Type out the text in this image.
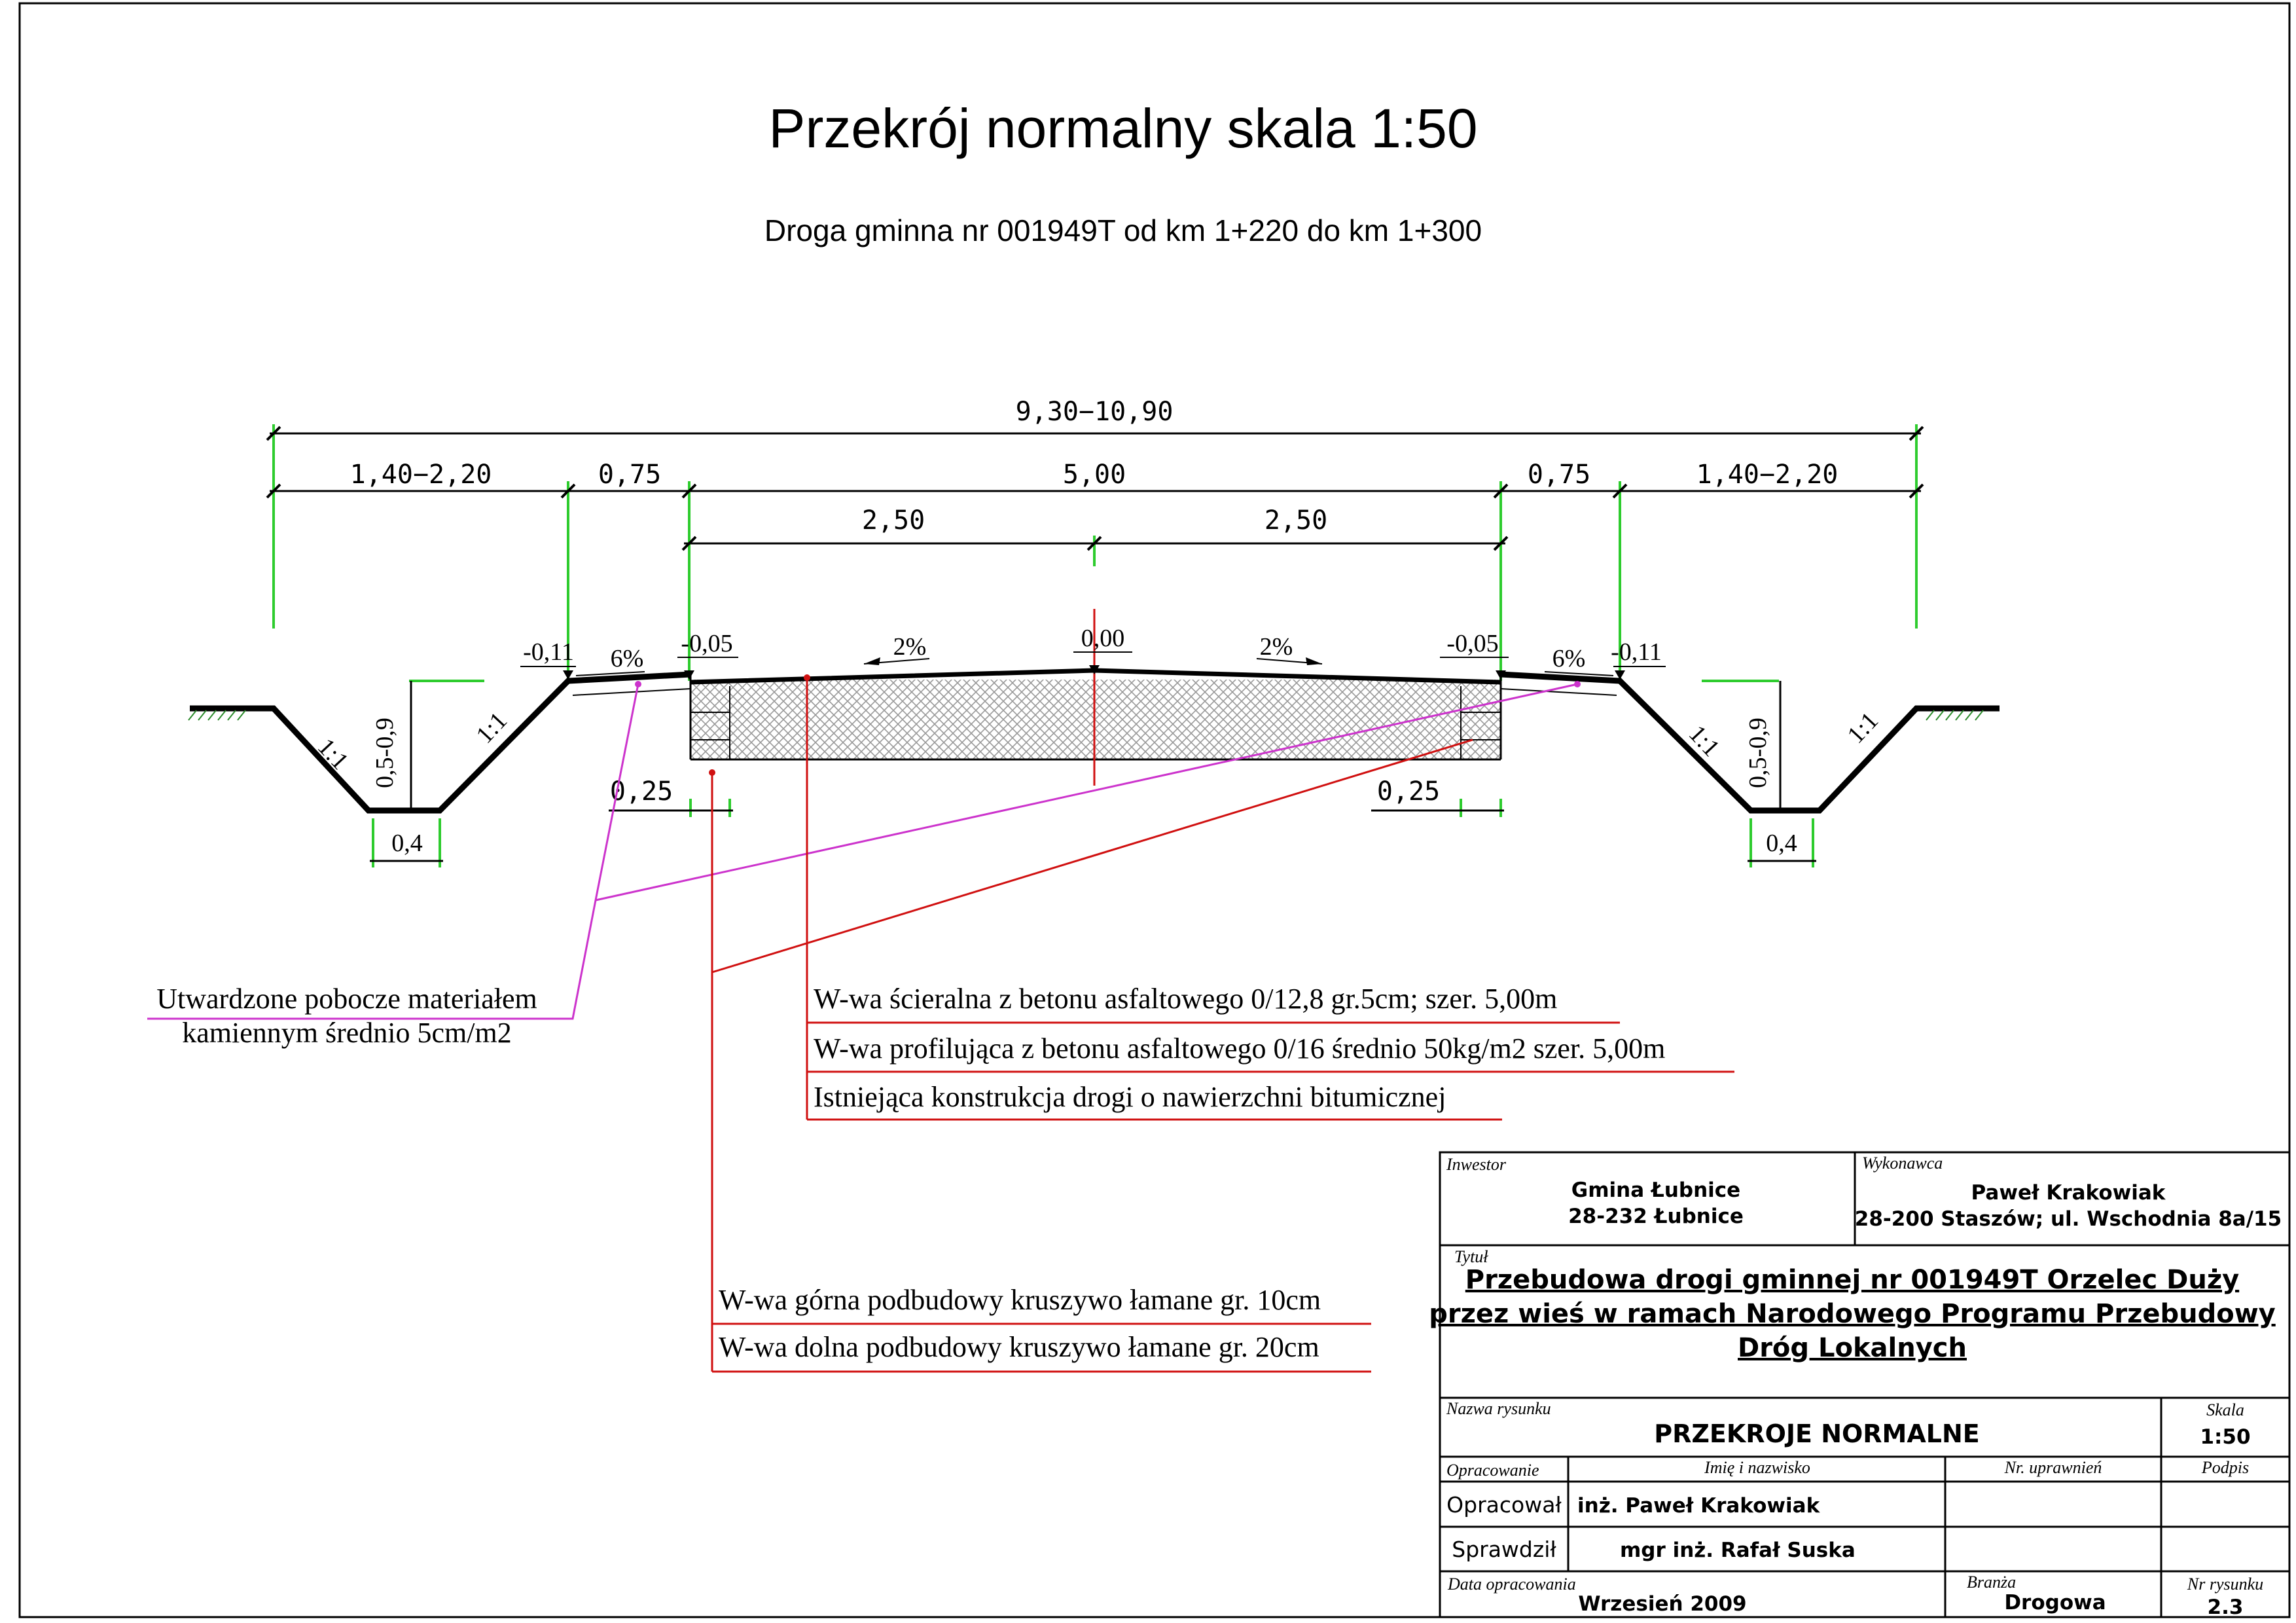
Przekrój normalny skala 1:50
Droga gminna nr 001949T od km 1+220 do km 1+300
9,30−10,90
1,40−2,20	0,75	5,00	0,75	1,40−2,20
2,50	2,50
-0,11	-0,05	0,00	-0,05	-0,11
6%	2%	2%	6%
1:1
1:1	1:1	1:1
0,5-0,9	0,5-0,9
0,4	0,4
0,25	0,25
Utwardzone pobocze materiałem
kamiennym średnio 5cm/m2
W-wa ścieralna z betonu asfaltowego 0/12,8 gr.5cm; szer. 5,00m
W-wa profilująca z betonu asfaltowego 0/16 średnio 50kg/m2 szer. 5,00m
Istniejąca konstrukcja drogi o nawierzchni bitumicznej
W-wa górna podbudowy kruszywo łamane gr. 10cm
W-wa dolna podbudowy kruszywo łamane gr. 20cm
Inwestor
Gmina Łubnice
28-232 Łubnice
Wykonawca
Paweł Krakowiak
28-200 Staszów; ul. Wschodnia 8a/15
Tytuł
Przebudowa drogi gminnej nr 001949T Orzelec Duży
przez wieś w ramach Narodowego Programu Przebudowy
Dróg Lokalnych
Nazwa rysunku
PRZEKROJE NORMALNE
Skala
1:50
Opracowanie	Imię i nazwisko	Nr. uprawnień	Podpis
Opracował inż. Paweł Krakowiak
Sprawdził	mgr inż. Rafał Suska
Data opracowania
Wrzesień 2009
Branża
Drogowa
Nr rysunku
2.3
